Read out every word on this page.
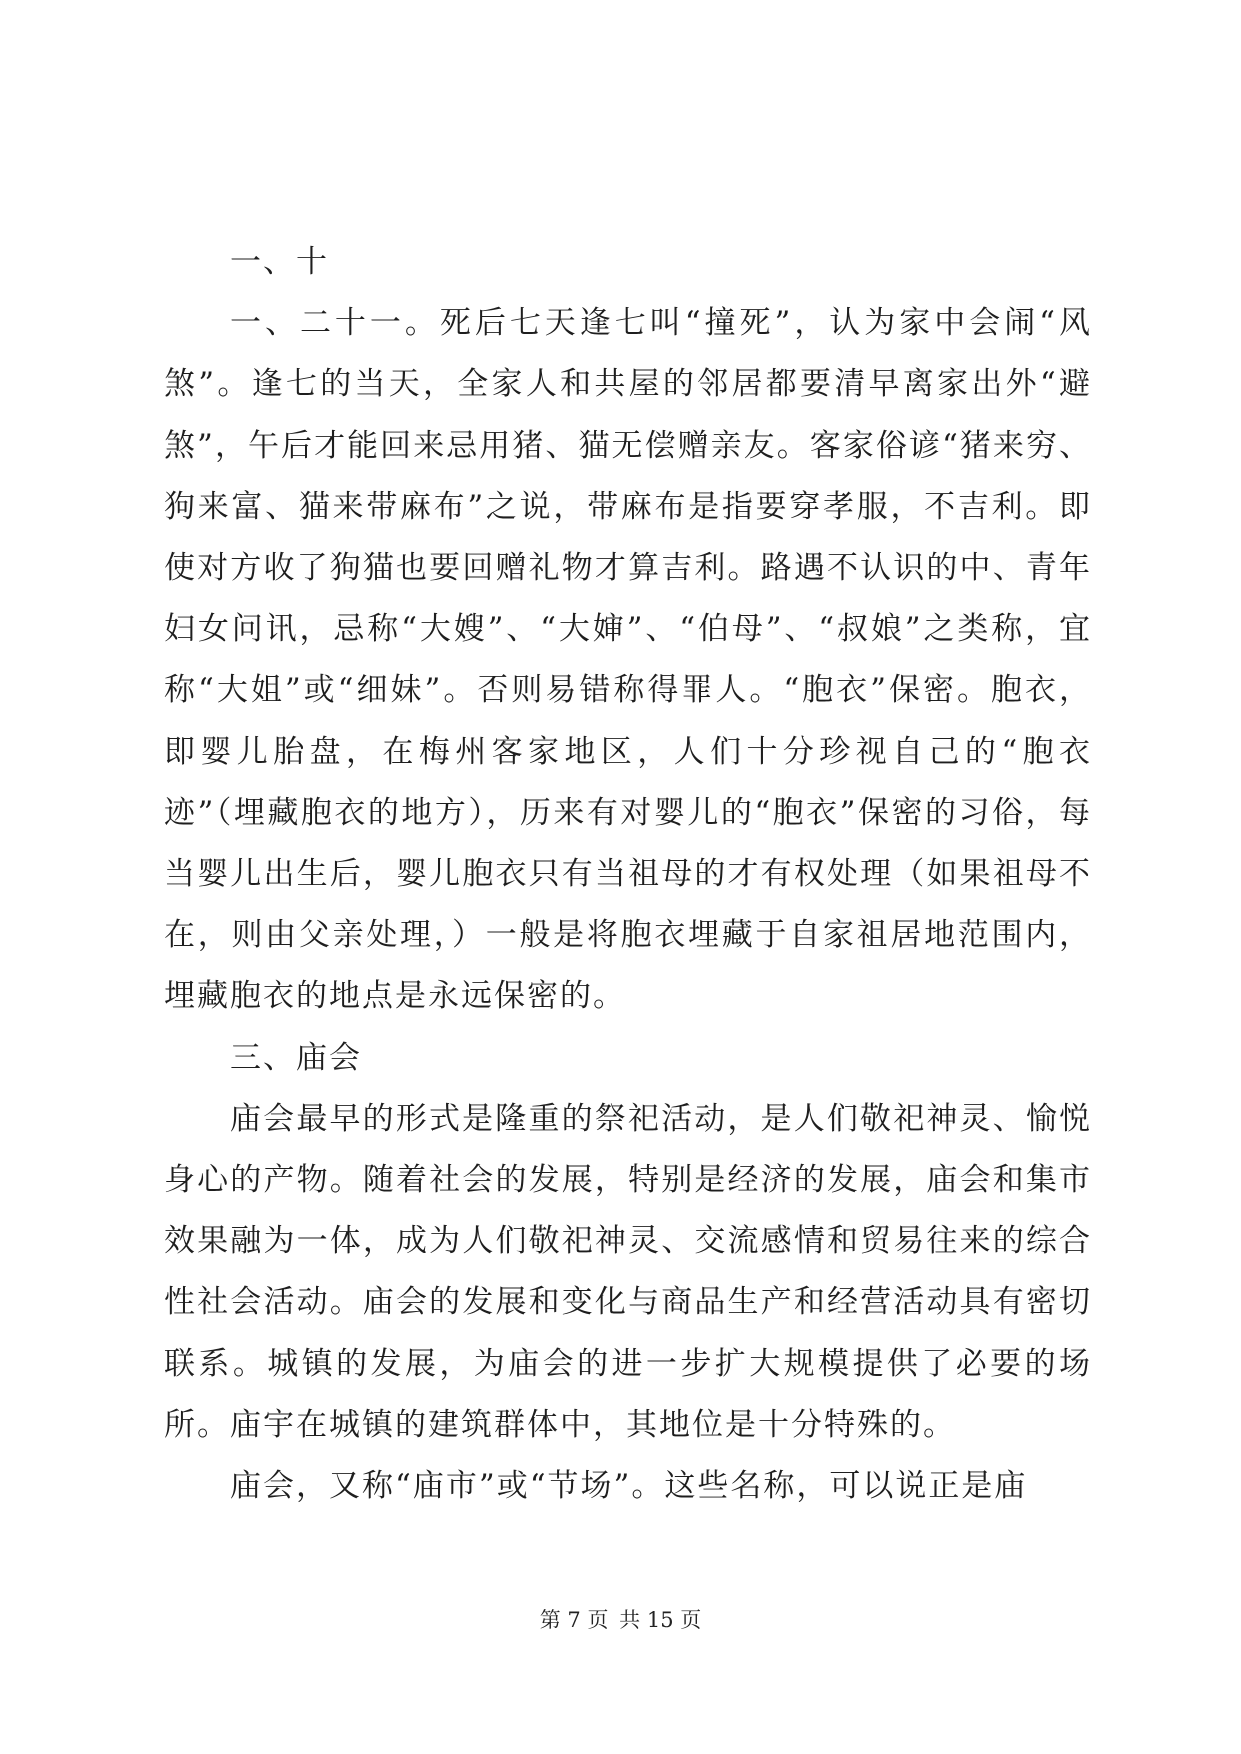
一、十

一、二十一。死后七天逢七叫“撞死”，认为家中会闹“风煞”。逢七的当天，全家人和共屋的邻居都要清早离家出外“避煞”，午后才能回来忌用猪、猫无偿赠亲友。客家俗谚“猪来穷、狗来富、猫来带麻布”之说，带麻布是指要穿孝服，不吉利。即使对方收了狗猫也要回赠礼物才算吉利。路遇不认识的中、青年妇女问讯，忌称“大嫂”、“大婶”、“伯母”、“叔娘”之类称，宜称“大姐”或“细妹”。否则易错称得罪人。“胞衣”保密。胞衣，即婴儿胎盘，在梅州客家地区，人们十分珍视自己的“胞衣迹”（埋藏胞衣的地方），历来有对婴儿的“胞衣”保密的习俗，每当婴儿出生后，婴儿胞衣只有当祖母的才有权处理（如果祖母不在，则由父亲处理，）一般是将胞衣埋藏于自家祖居地范围内，埋藏胞衣的地点是永远保密的。

三、庙会

庙会最早的形式是隆重的祭祀活动，是人们敬祀神灵、愉悦身心的产物。随着社会的发展，特别是经济的发展，庙会和集市效果融为一体，成为人们敬祀神灵、交流感情和贸易往来的综合性社会活动。庙会的发展和变化与商品生产和经营活动具有密切联系。城镇的发展，为庙会的进一步扩大规模提供了必要的场所。庙宇在城镇的建筑群体中，其地位是十分特殊的。

庙会，又称“庙市”或“节场”。这些名称，可以说正是庙

第 7 页 共 15 页
